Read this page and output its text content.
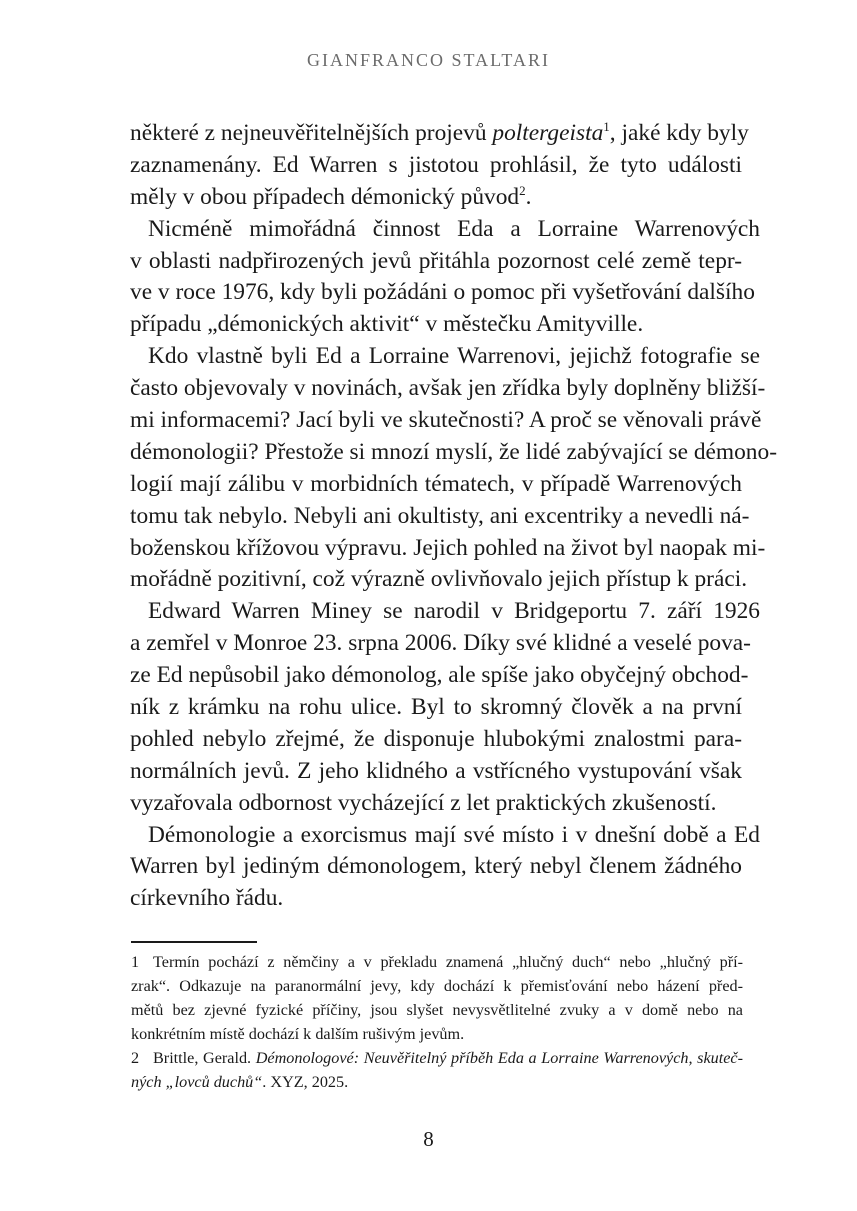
GIANFRANCO STALTARI
některé z nejneuvěřitelnějších projevů poltergeista$^1$, jaké kdy byly
zaznamenány. Ed Warren s jistotou prohlásil, že tyto události
měly v obou případech démonický původ$^2$.
Nicméně mimořádná činnost Eda a Lorraine Warrenových
v oblasti nadpřirozených jevů přitáhla pozornost celé země tepr-
ve v roce 1976, kdy byli požádáni o pomoc při vyšetřování dalšího
případu „démonických aktivit“ v městečku Amityville.
Kdo vlastně byli Ed a Lorraine Warrenovi, jejichž fotografie se
často objevovaly v novinách, avšak jen zřídka byly doplněny bližší-
mi informacemi? Jací byli ve skutečnosti? A proč se věnovali právě
démonologii? Přestože si mnozí myslí, že lidé zabývající se démono-
logií mají zálibu v morbidních tématech, v případě Warrenových
tomu tak nebylo. Nebyli ani okultisty, ani excentriky a nevedli ná-
boženskou křížovou výpravu. Jejich pohled na život byl naopak mi-
mořádně pozitivní, což výrazně ovlivňovalo jejich přístup k práci.
Edward Warren Miney se narodil v Bridgeportu 7. září 1926
a zemřel v Monroe 23. srpna 2006. Díky své klidné a veselé pova-
ze Ed nepůsobil jako démonolog, ale spíše jako obyčejný obchod-
ník z krámku na rohu ulice. Byl to skromný člověk a na první
pohled nebylo zřejmé, že disponuje hlubokými znalostmi para-
normálních jevů. Z jeho klidného a vstřícného vystupování však
vyzařovala odbornost vycházející z let praktických zkušeností.
Démonologie a exorcismus mají své místo i v dnešní době a Ed
Warren byl jediným démonologem, který nebyl členem žádného
církevního řádu.
1 Termín pochází z němčiny a v překladu znamená „hlučný duch“ nebo „hlučný pří-
zrak“. Odkazuje na paranormální jevy, kdy dochází k přemisťování nebo házení před-
mětů bez zjevné fyzické příčiny, jsou slyšet nevysvětlitelné zvuky a v domě nebo na
konkrétním místě dochází k dalším rušivým jevům.
2 Brittle, Gerald. Démonologové: Neuvěřitelný příběh Eda a Lorraine Warrenových, skuteč-
ných „lovců duchů“. XYZ, 2025.
8
